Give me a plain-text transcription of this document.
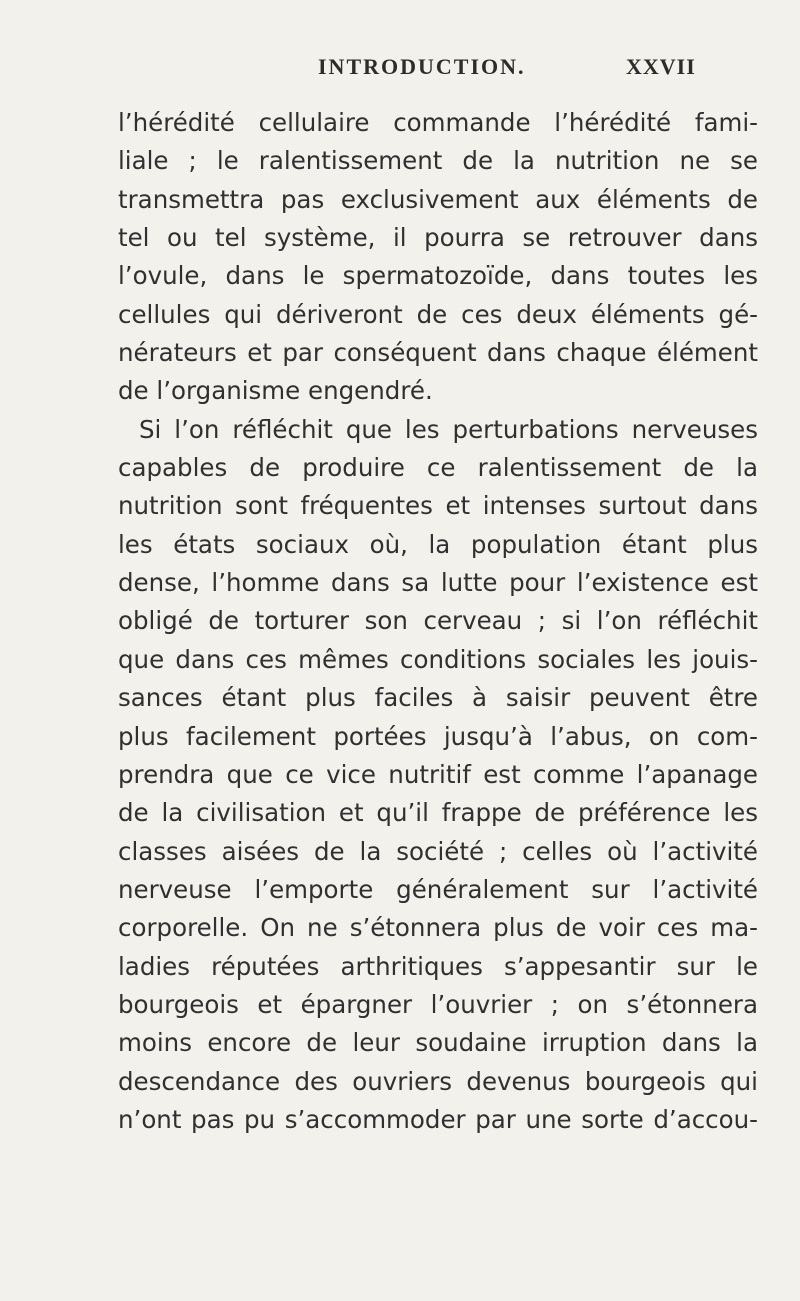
INTRODUCTION.	XXVII
l’hérédité cellulaire commande l’hérédité fami-
liale ; le ralentissement de la nutrition ne se
transmettra pas exclusivement aux éléments de
tel ou tel système, il pourra se retrouver dans
l’ovule, dans le spermatozoïde, dans toutes les
cellules qui dériveront de ces deux éléments gé-
nérateurs et par conséquent dans chaque élément
de l’organisme engendré.
Si l’on réfléchit que les perturbations nerveuses
capables de produire ce ralentissement de la
nutrition sont fréquentes et intenses surtout dans
les états sociaux où, la population étant plus
dense, l’homme dans sa lutte pour l’existence est
obligé de torturer son cerveau ; si l’on réfléchit
que dans ces mêmes conditions sociales les jouis-
sances étant plus faciles à saisir peuvent être
plus facilement portées jusqu’à l’abus, on com-
prendra que ce vice nutritif est comme l’apanage
de la civilisation et qu’il frappe de préférence les
classes aisées de la société ; celles où l’activité
nerveuse l’emporte généralement sur l’activité
corporelle. On ne s’étonnera plus de voir ces ma-
ladies réputées arthritiques s’appesantir sur le
bourgeois et épargner l’ouvrier ; on s’étonnera
moins encore de leur soudaine irruption dans la
descendance des ouvriers devenus bourgeois qui
n’ont pas pu s’accommoder par une sorte d’accou-
